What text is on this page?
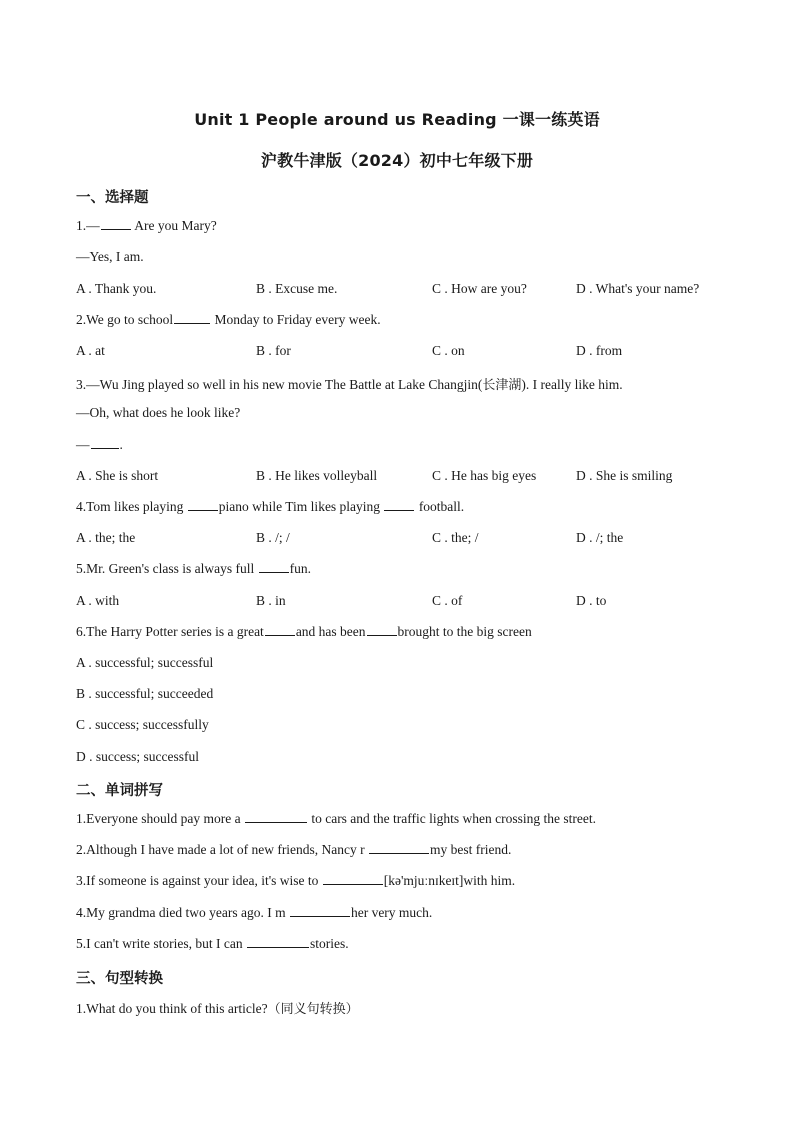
Unit 1 People around us Reading 一课一练英语
沪教牛津版（2024）初中七年级下册
一、选择题
1.— Are you Mary?
—Yes, I am.
A . Thank you.	B . Excuse me.	C . How are you?	D . What's your name?
2.We go to school	Monday to Friday every week.
A . at	B . for	C . on	D . from
3.—Wu Jing played so well in his new movie The Battle at Lake Changjin(长津湖). I really like him.
—Oh, what does he look like?
— .
A . She is short	B . He likes volleyball	C . He has big eyes	D . She is smiling
4.Tom likes playing piano while Tim likes playing  football.
A . the; the	B . /; /	C . the; /	D . /; the
5.Mr. Green's class is always full fun.
A . with	B . in	C . of	D . to
6.The Harry Potter series is a great and has been brought to the big screen
A . successful; successful
B . successful; succeeded
C . success; successfully
D . success; successful
二、单词拼写
1.Everyone should pay more a	to cars and the traffic lights when crossing the street.
2.Although I have made a lot of new friends, Nancy r	my best friend.
3.If someone is against your idea, it's wise to	[kə'mjuːnɪkeɪt]with him.
4.My grandma died two years ago. I m	her very much.
5.I can't write stories, but I can	stories.
三、句型转换
1.What do you think of this article?（同义句转换）
